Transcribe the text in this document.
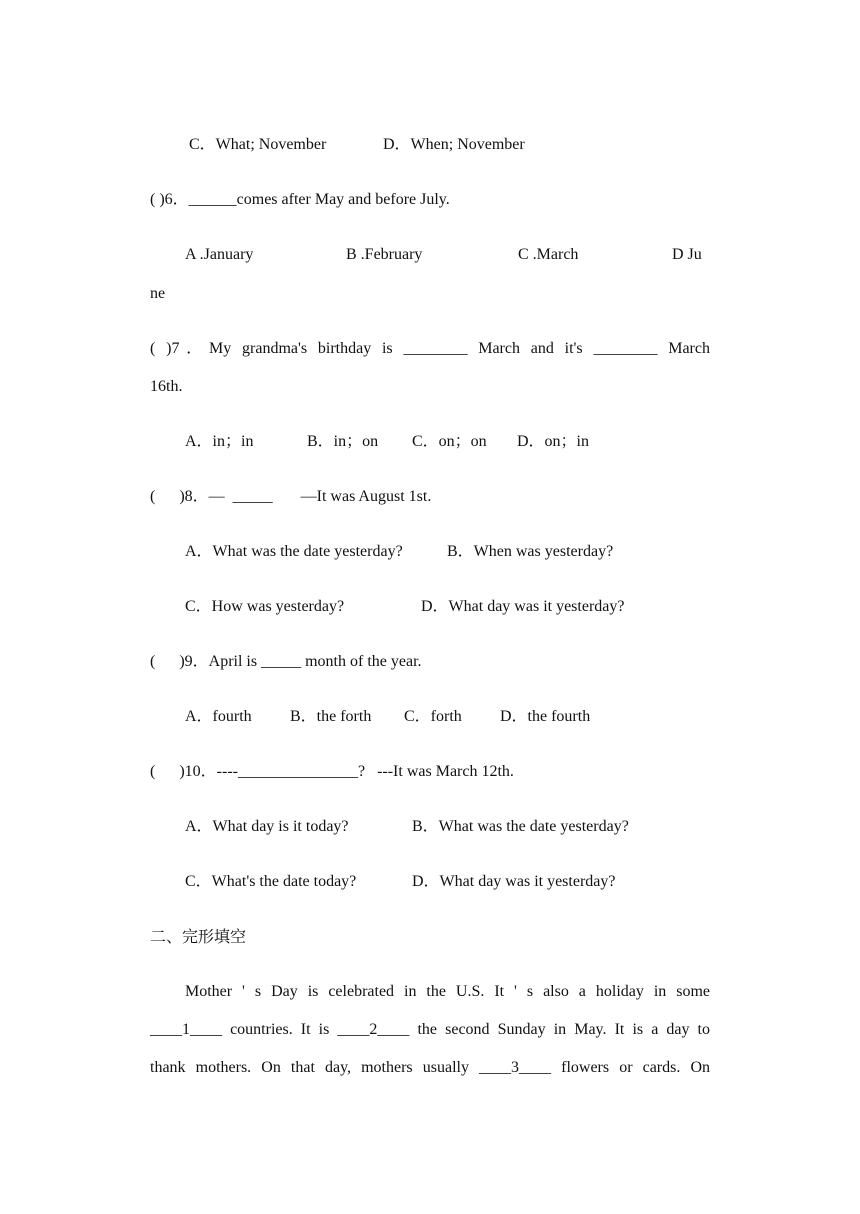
C．What; November	D．When; November
( )6．______comes after May and before July.
A .January	B .February	C .March	D Ju
ne
( )7．My grandma's birthday is ________ March and it's ________ March
16th.
A．in；in	B．in；on C．on；on D．on；in
(      )8．—  _____       —It was August 1st.
A．What was the date yesterday?	B．When was yesterday?
C．How was yesterday?	D．What day was it yesterday?
(      )9．April is _____ month of the year.
A．fourth B．the forth C．forth D．the fourth
(      )10．----_______________?   ---It was March 12th.
A．What day is it today?	B．What was the date yesterday?
C．What's the date today?	D．What day was it yesterday?
二、完形填空
Mother ' s Day is celebrated in the U.S. It ' s also a holiday in some
____1____ countries. It is ____2____ the second Sunday in May. It is a day to
thank mothers. On that day, mothers usually ____3____ flowers or cards. On
